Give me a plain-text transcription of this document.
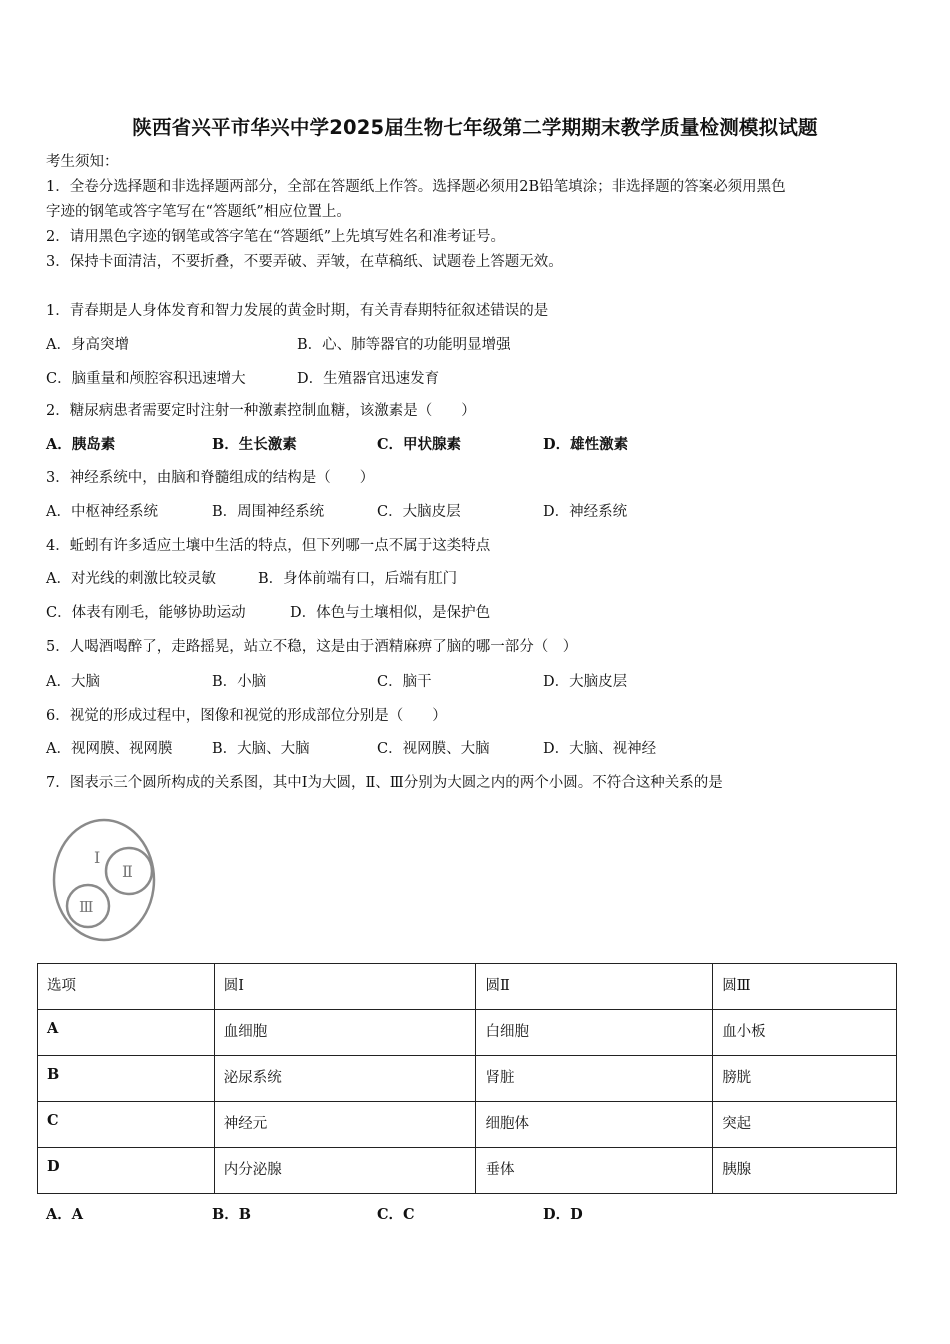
陕西省兴平市华兴中学2025届生物七年级第二学期期末教学质量检测模拟试题
考生须知：
1．全卷分选择题和非选择题两部分，全部在答题纸上作答。选择题必须用2B铅笔填涂；非选择题的答案必须用黑色
字迹的钢笔或答字笔写在“答题纸”相应位置上。
2．请用黑色字迹的钢笔或答字笔在“答题纸”上先填写姓名和准考证号。
3．保持卡面清洁，不要折叠，不要弄破、弄皱，在草稿纸、试题卷上答题无效。
1．青春期是人身体发育和智力发展的黄金时期，有关青春期特征叙述错误的是
A．身高突增	B．心、肺等器官的功能明显增强
C．脑重量和颅腔容积迅速增大	D．生殖器官迅速发育
2．糖尿病患者需要定时注射一种激素控制血糖，该激素是（　　）
A．胰岛素	B．生长激素	C．甲状腺素	D．雄性激素
3．神经系统中，由脑和脊髓组成的结构是（　　）
A．中枢神经系统	B．周围神经系统	C．大脑皮层	D．神经系统
4．蚯蚓有许多适应土壤中生活的特点，但下列哪一点不属于这类特点
A．对光线的刺激比较灵敏	B．身体前端有口，后端有肛门
C．体表有刚毛，能够协助运动	D．体色与土壤相似，是保护色
5．人喝酒喝醉了，走路摇晃，站立不稳，这是由于酒精麻痹了脑的哪一部分（　）
A．大脑	B．小脑	C．脑干	D．大脑皮层
6．视觉的形成过程中，图像和视觉的形成部位分别是（　　）
A．视网膜、视网膜	B．大脑、大脑	C．视网膜、大脑	D．大脑、视神经
7．图表示三个圆所构成的关系图，其中Ⅰ为大圆，Ⅱ、Ⅲ分别为大圆之内的两个小圆。不符合这种关系的是
Ⅰ
Ⅱ
Ⅲ
选项	圆Ⅰ	圆Ⅱ	圆Ⅲ
A	血细胞	白细胞	血小板
B	泌尿系统	肾脏	膀胱
C	神经元	细胞体	突起
D	内分泌腺	垂体	胰腺
A．A	B．B	C．C	D．D
